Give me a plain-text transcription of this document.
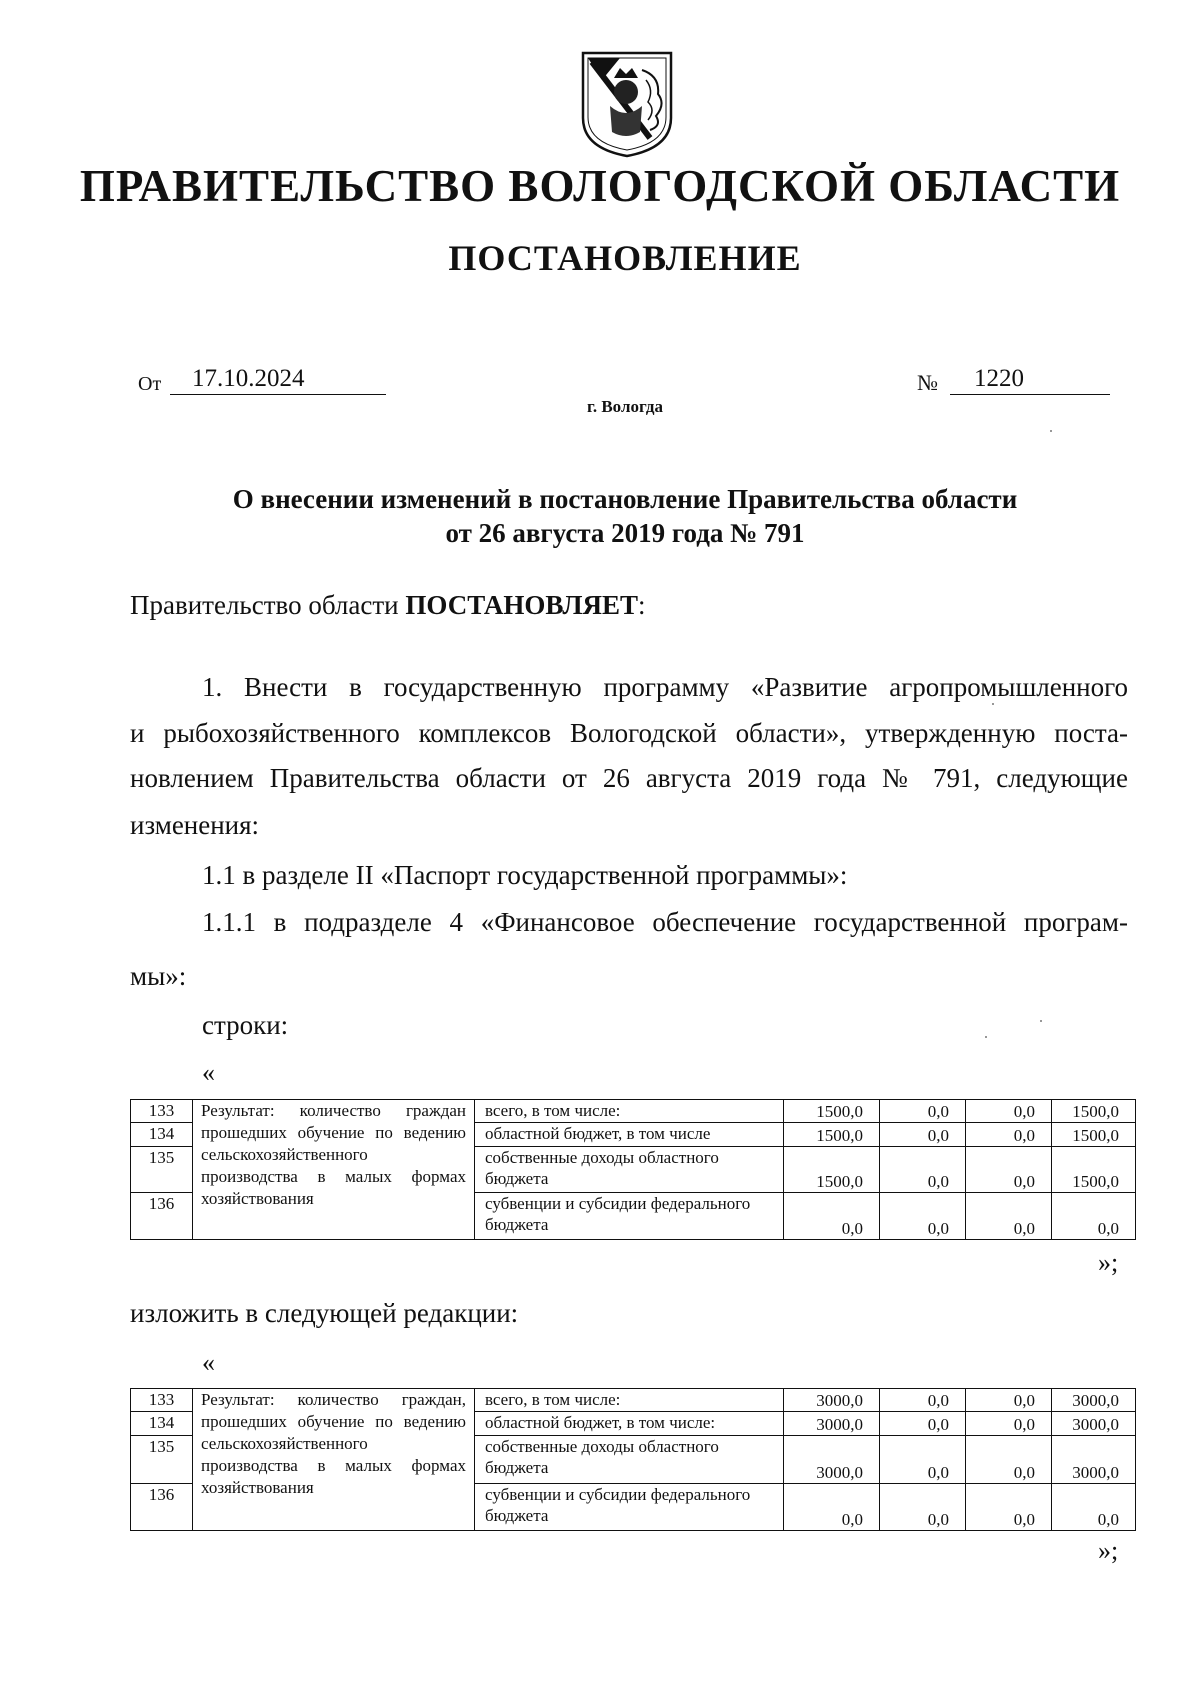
ПРАВИТЕЛЬСТВО ВОЛОГОДСКОЙ ОБЛАСТИ
ПОСТАНОВЛЕНИЕ
От	17.10.2024	№	1220
г. Вологда
О внесении изменений в постановление Правительства области
от 26 августа 2019 года № 791
Правительство области ПОСТАНОВЛЯЕТ:
1. Внести в государственную программу «Развитие агропромышленного
и рыбохозяйственного комплексов Вологодской области», утвержденную поста-
новлением Правительства области от 26 августа 2019 года № 791, следующие
изменения:
1.1 в разделе II «Паспорт государственной программы»:
1.1.1 в подразделе 4 «Финансовое обеспечение государственной програм-
мы»:
строки:
«
133	Результат: количество граждан прошедших обучение по ведению сельскохозяйственного производства в малых формах хозяйствования	всего, в том числе:	1500,0	0,0	0,0	1500,0
134		областной бюджет, в том числе	1500,0	0,0	0,0	1500,0
135		собственные доходы областного бюджета	1500,0	0,0	0,0	1500,0
136		субвенции и субсидии федерального бюджета	0,0	0,0	0,0	0,0
»;
изложить в следующей редакции:
«
133	Результат: количество граждан, прошедших обучение по ведению сельскохозяйственного производства в малых формах хозяйствования	всего, в том числе:	3000,0	0,0	0,0	3000,0
134		областной бюджет, в том числе:	3000,0	0,0	0,0	3000,0
135		собственные доходы областного бюджета	3000,0	0,0	0,0	3000,0
136		субвенции и субсидии федерального бюджета	0,0	0,0	0,0	0,0
»;
